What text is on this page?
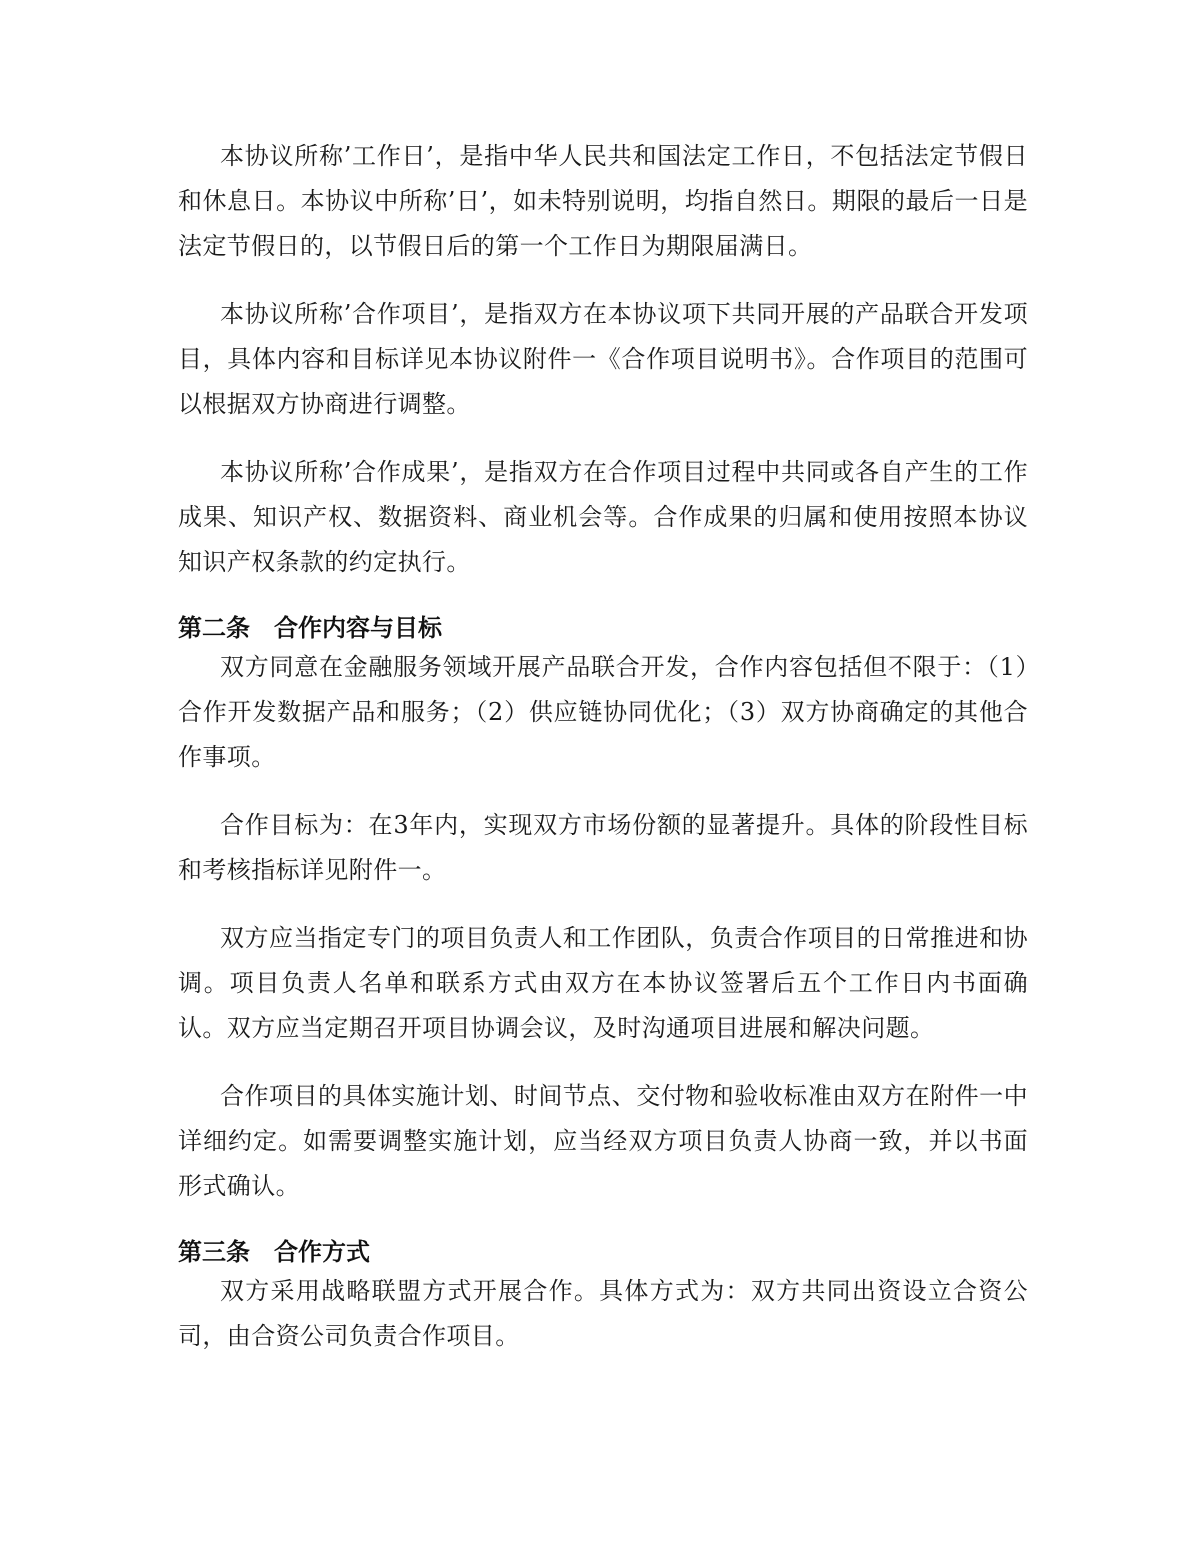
本协议所称’工作日’，是指中华人民共和国法定工作日，不包括法定节假日和休息日。本协议中所称’日’，如未特别说明，均指自然日。期限的最后一日是法定节假日的，以节假日后的第一个工作日为期限届满日。

本协议所称’合作项目’，是指双方在本协议项下共同开展的产品联合开发项目，具体内容和目标详见本协议附件一《合作项目说明书》。合作项目的范围可以根据双方协商进行调整。

本协议所称’合作成果’，是指双方在合作项目过程中共同或各自产生的工作成果、知识产权、数据资料、商业机会等。合作成果的归属和使用按照本协议知识产权条款的约定执行。

第二条　合作内容与目标

双方同意在金融服务领域开展产品联合开发，合作内容包括但不限于：（1）合作开发数据产品和服务；（2）供应链协同优化；（3）双方协商确定的其他合作事项。

合作目标为：在3年内，实现双方市场份额的显著提升。具体的阶段性目标和考核指标详见附件一。

双方应当指定专门的项目负责人和工作团队，负责合作项目的日常推进和协调。项目负责人名单和联系方式由双方在本协议签署后五个工作日内书面确认。双方应当定期召开项目协调会议，及时沟通项目进展和解决问题。

合作项目的具体实施计划、时间节点、交付物和验收标准由双方在附件一中详细约定。如需要调整实施计划，应当经双方项目负责人协商一致，并以书面形式确认。

第三条　合作方式

双方采用战略联盟方式开展合作。具体方式为：双方共同出资设立合资公司，由合资公司负责合作项目。
